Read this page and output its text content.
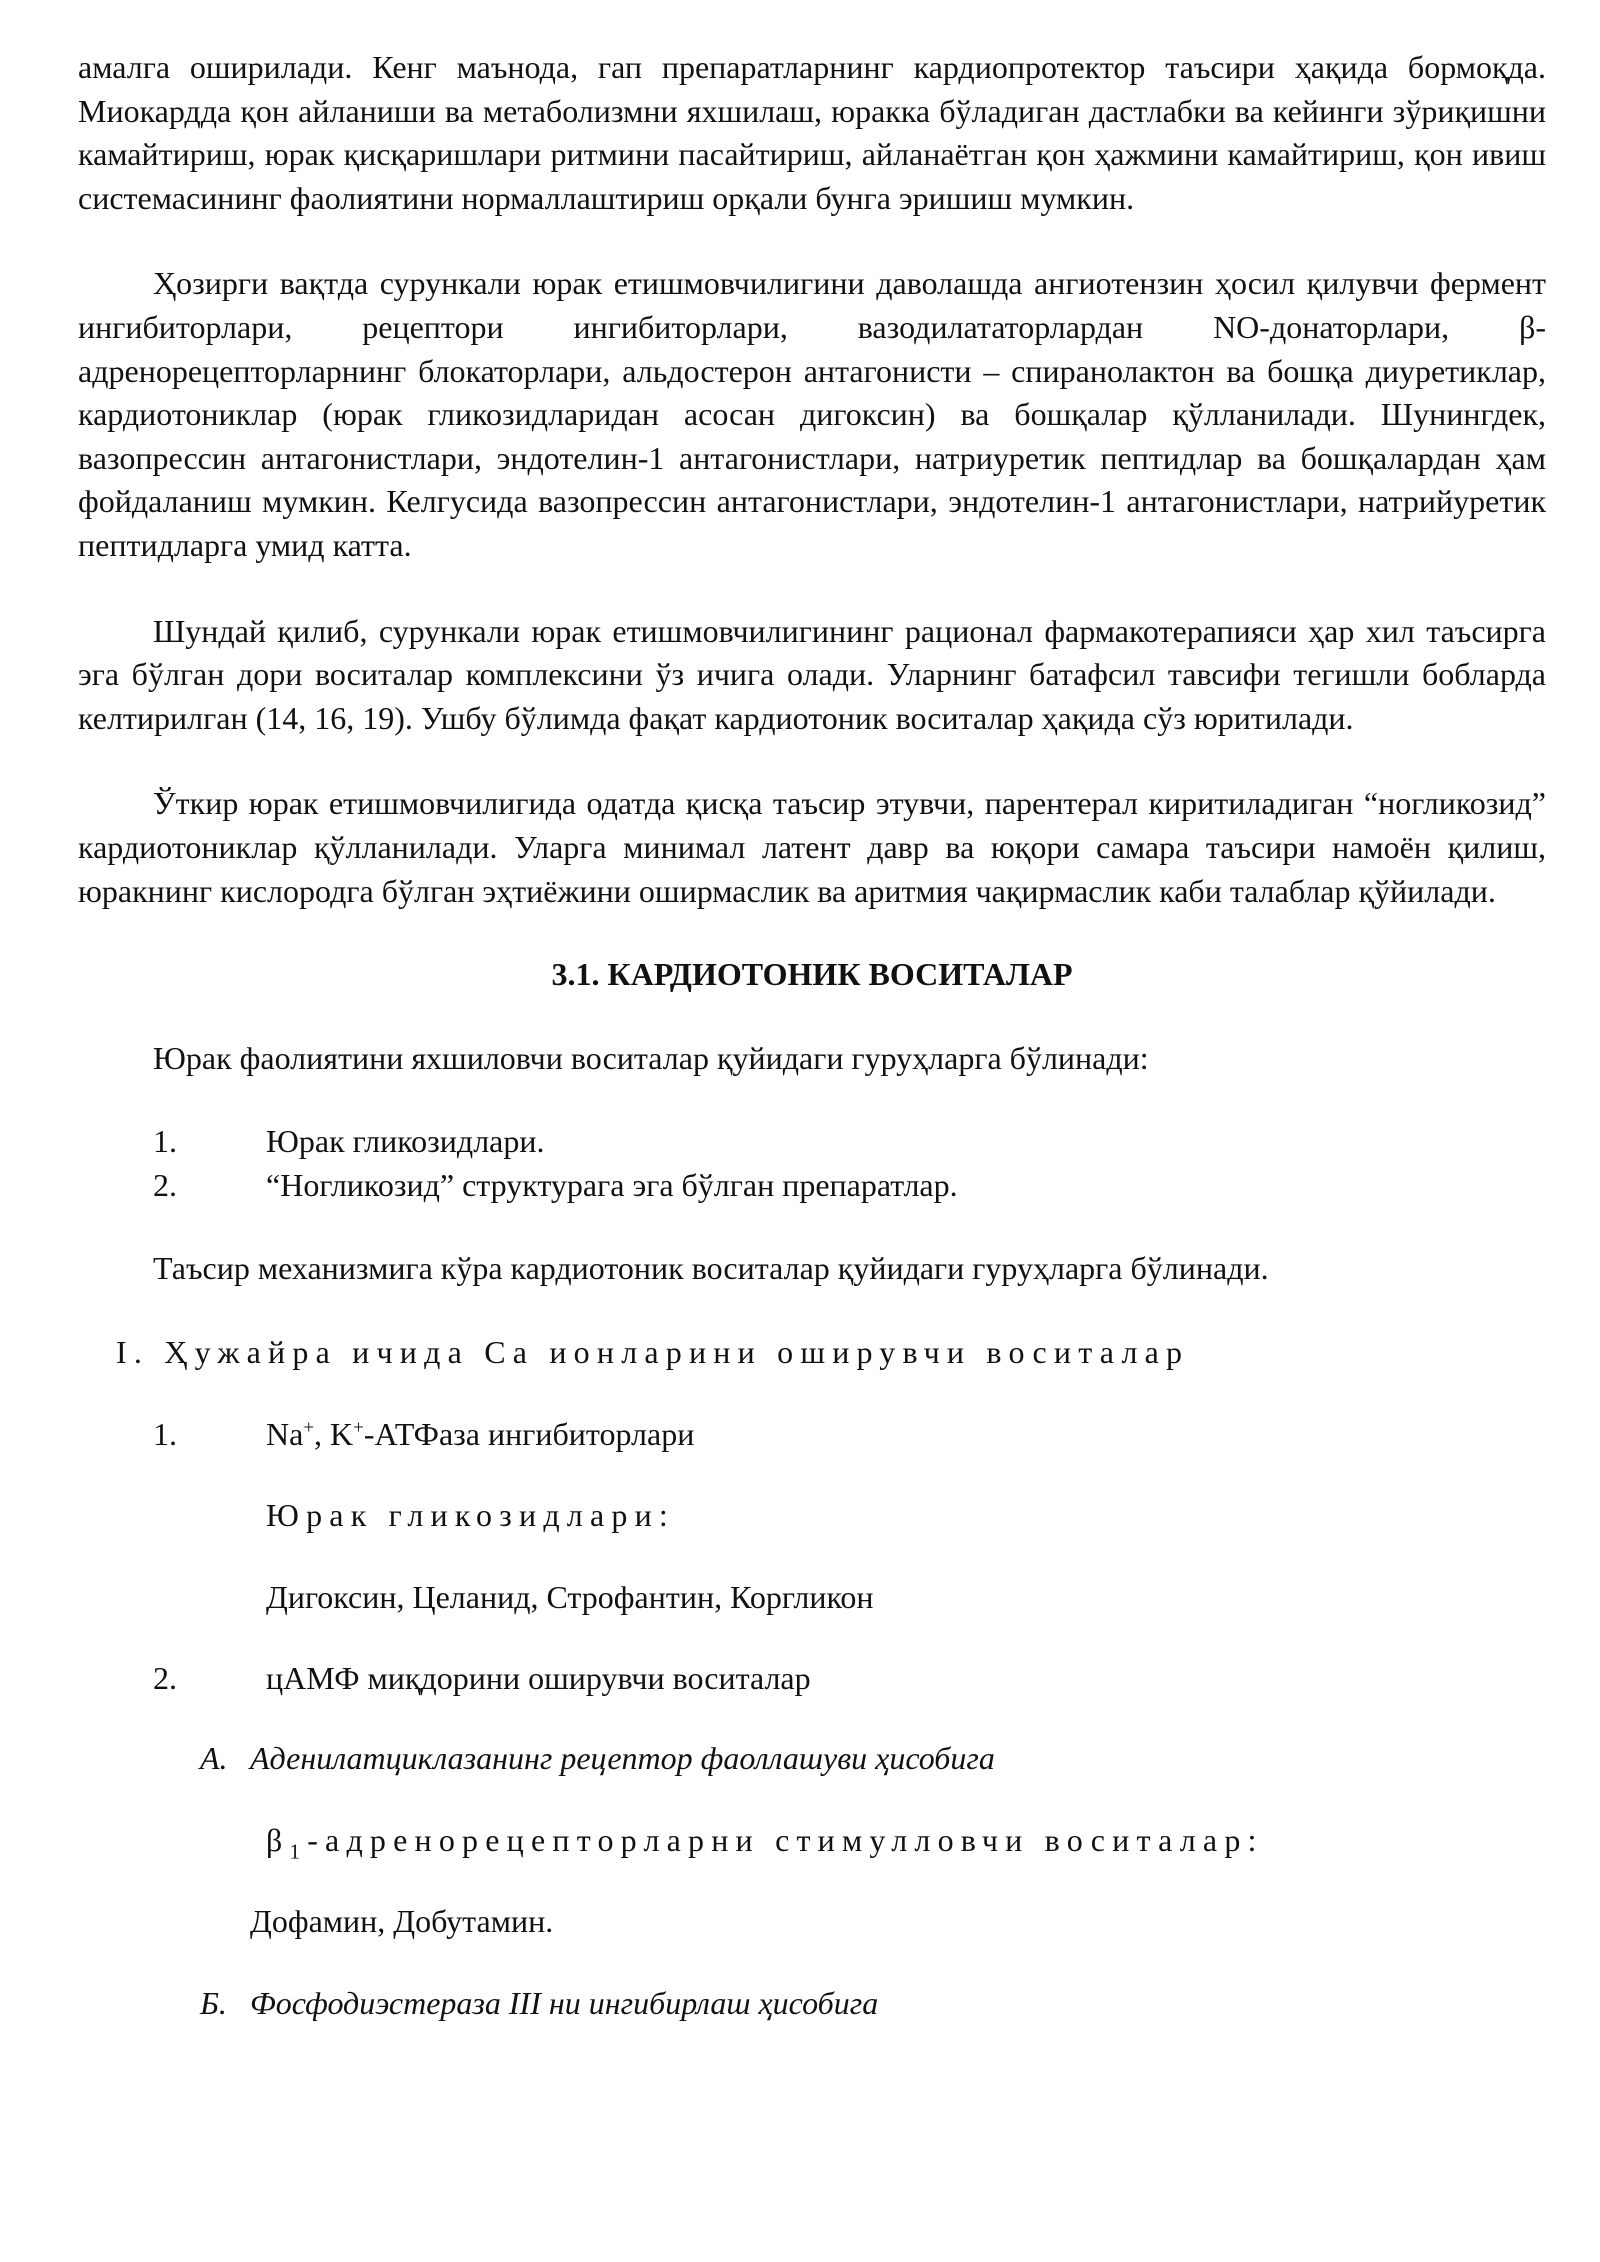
амалга оширилади. Кенг маънода, гап препаратларнинг кардиопротектор таъсири ҳақида бормоқда. Миокардда қон айланиши ва метаболизмни яхшилаш, юракка бўладиган дастлабки ва кейинги зўриқишни камайтириш, юрак қисқаришлари ритмини пасайтириш, айланаётган қон ҳажмини камайтириш, қон ивиш системасининг фаолиятини нормаллаштириш орқали бунга эришиш мумкин.

Ҳозирги вақтда сурункали юрак етишмовчилигини даволашда ангиотензин ҳосил қилувчи фермент ингибиторлари, рецептори ингибиторлари, вазодилататорлардан NO-донаторлари, β-адренорецепторларнинг блокаторлари, альдостерон антагонисти – спиранолактон ва бошқа диуретиклар, кардиотониклар (юрак гликозидларидан асосан дигоксин) ва бошқалар қўлланилади. Шунингдек, вазопрессин антагонистлари, эндотелин-1 антагонистлари, натриуретик пептидлар ва бошқалардан ҳам фойдаланиш мумкин. Келгусида вазопрессин антагонистлари, эндотелин-1 антагонистлари, натрийуретик пептидларга умид катта.

Шундай қилиб, сурункали юрак етишмовчилигининг рационал фармакотерапияси ҳар хил таъсирга эга бўлган дори воситалар комплексини ўз ичига олади. Уларнинг батафсил тавсифи тегишли бобларда келтирилган (14, 16, 19). Ушбу бўлимда фақат кардиотоник воситалар ҳақида сўз юритилади.

Ўткир юрак етишмовчилигида одатда қисқа таъсир этувчи, парентерал киритиладиган “ногликозид” кардиотониклар қўлланилади. Уларга минимал латент давр ва юқори самара таъсири намоён қилиш, юракнинг кислородга бўлган эҳтиёжини оширмаслик ва аритмия чақирмаслик каби талаблар қўйилади.

3.1. КАРДИОТОНИК ВОСИТАЛАР

Юрак фаолиятини яхшиловчи воситалар қуйидаги гуруҳларга бўлинади:

1.	Юрак гликозидлари.

2.	“Ногликозид” структурага эга бўлган препаратлар.

Таъсир механизмига кўра кардиотоник воситалар қуйидаги гуруҳларга бўлинади.

I. Ҳужайра ичида Са ионларини оширувчи воситалар

1.	Na+, K+-АТФаза ингибиторлари

Юрак гликозидлари:

Дигоксин, Целанид, Строфантин, Коргликон

2.	цАМФ миқдорини оширувчи воситалар

А. Аденилатциклазанинг рецептор фаоллашуви ҳисобига

$\beta_1$-адренорецепторларни стимулловчи воситалар:

Дофамин, Добутамин.

Б. Фосфодиэстераза III ни ингибирлаш ҳисобига
